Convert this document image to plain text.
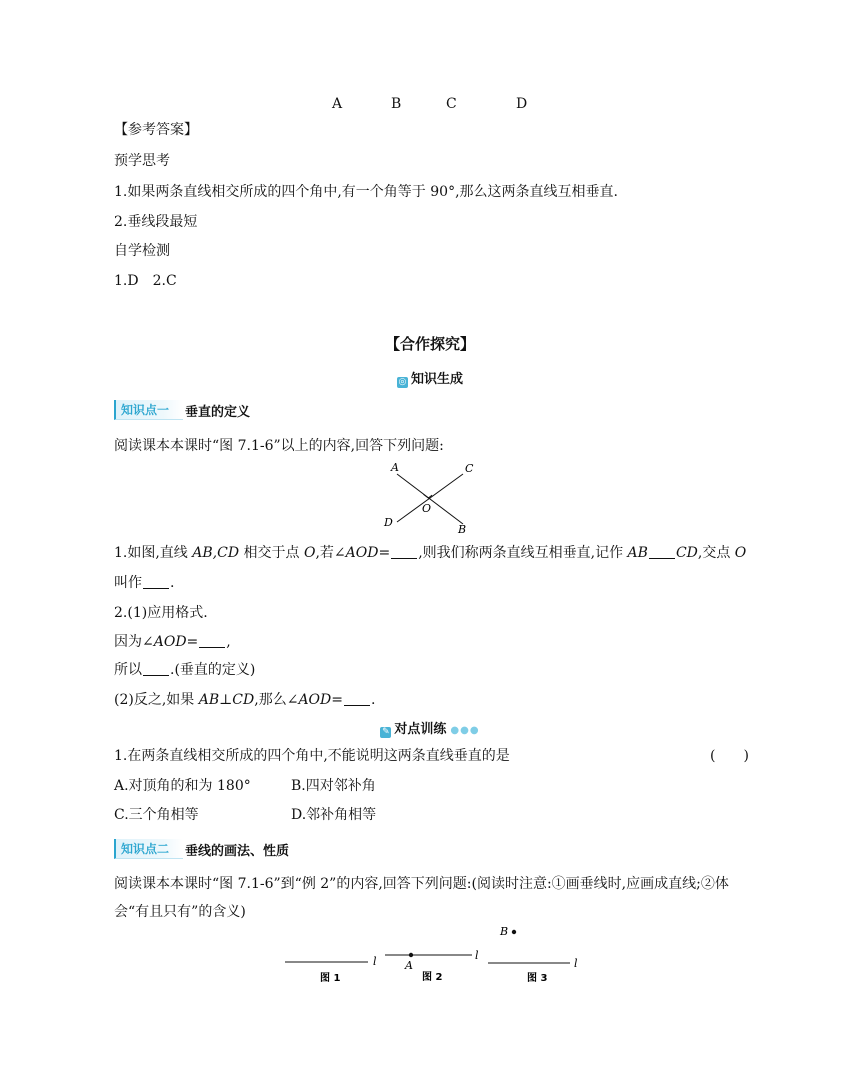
A	B	C	D
【参考答案】
预学思考
1.如果两条直线相交所成的四个角中,有一个角等于 90°,那么这两条直线互相垂直.
2.垂线段最短
自学检测
1.D 2.C
【合作探究】
◎ 知识生成
知识点一	垂直的定义
阅读课本本课时“图 7.1-6”以上的内容,回答下列问题:
A	C
O
D
B
1.如图,直线 AB,CD 相交于点 O,若∠AOD= ,则我们称两条直线互相垂直,记作 AB CD,交点 O
叫作 .
2.(1)应用格式.
因为∠AOD= ,
所以 .(垂直的定义)
(2)反之,如果 AB⊥CD,那么∠AOD= .
✎ 对点训练 ●●●
1.在两条直线相交所成的四个角中,不能说明这两条直线垂直的是	(　　)
A.对顶角的和为 180°	B.四对邻补角
C.三个角相等	D.邻补角相等
知识点二	垂线的画法、性质
阅读课本本课时“图 7.1-6”到“例 2”的内容,回答下列问题:(阅读时注意:①画垂线时,应画成直线;②体
会“有且只有”的含义)
l
图 1
A
l
图 2
B
l
图 3
